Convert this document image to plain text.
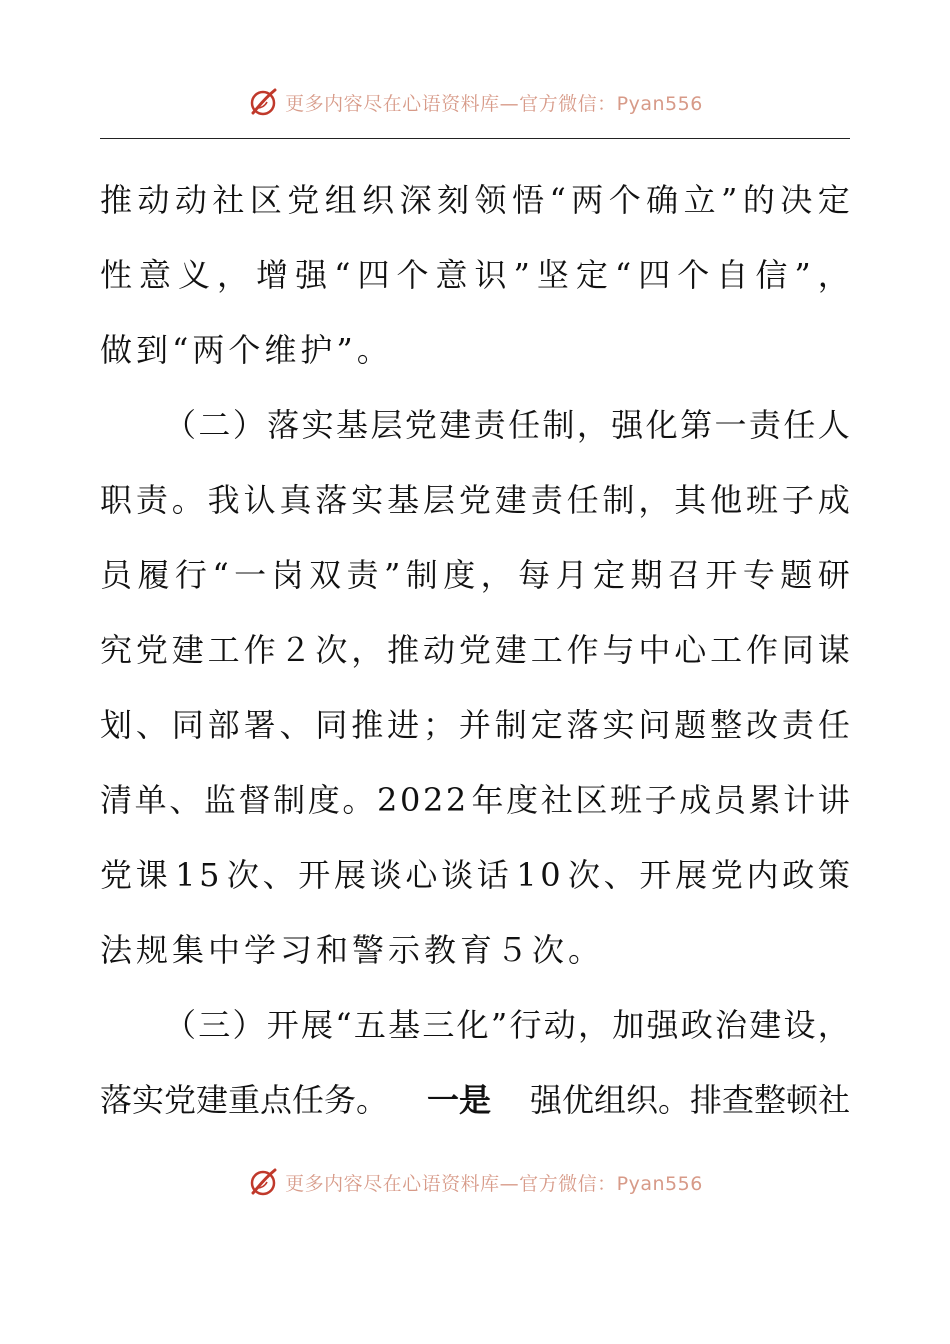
更多内容尽在心语资料库—官方微信：Pyan556
推 动 动 社 区 党 组 织 深 刻 领 悟 “ 两 个 确 立 ” 的 决 定
性 意 义 ， 增 强 “ 四 个 意 识 ” 坚 定 “ 四 个 自 信 ” ，
做到“两个维护”。
（ 二 ） 落 实 基 层 党 建 责 任 制 ， 强 化 第 一 责 任 人
职 责 。 我 认 真 落 实 基 层 党 建 责 任 制 ， 其 他 班 子 成
员 履 行 “ 一 岗 双 责 ” 制 度 ， 每 月 定 期 召 开 专 题 研
究 党 建 工 作 ２ 次 ， 推 动 党 建 工 作 与 中 心 工 作 同 谋
划 、 同 部 署 、 同 推 进 ； 并 制 定 落 实 问 题 整 改 责 任
清 单 、 监 督 制 度 。 2 0 2 2 年 度 社 区 班 子 成 员 累 计 讲
党 课 1 5 次 、 开 展 谈 心 谈 话 1 0 次 、 开 展 党 内 政 策
法规集中学习和警示教育５次。
（ 三 ） 开 展 “ 五 基 三 化 ” 行 动 ， 加 强 政 治 建 设 ，
落实党建重点任务。 一是 强优组织。排查整顿社
更多内容尽在心语资料库—官方微信：Pyan556
